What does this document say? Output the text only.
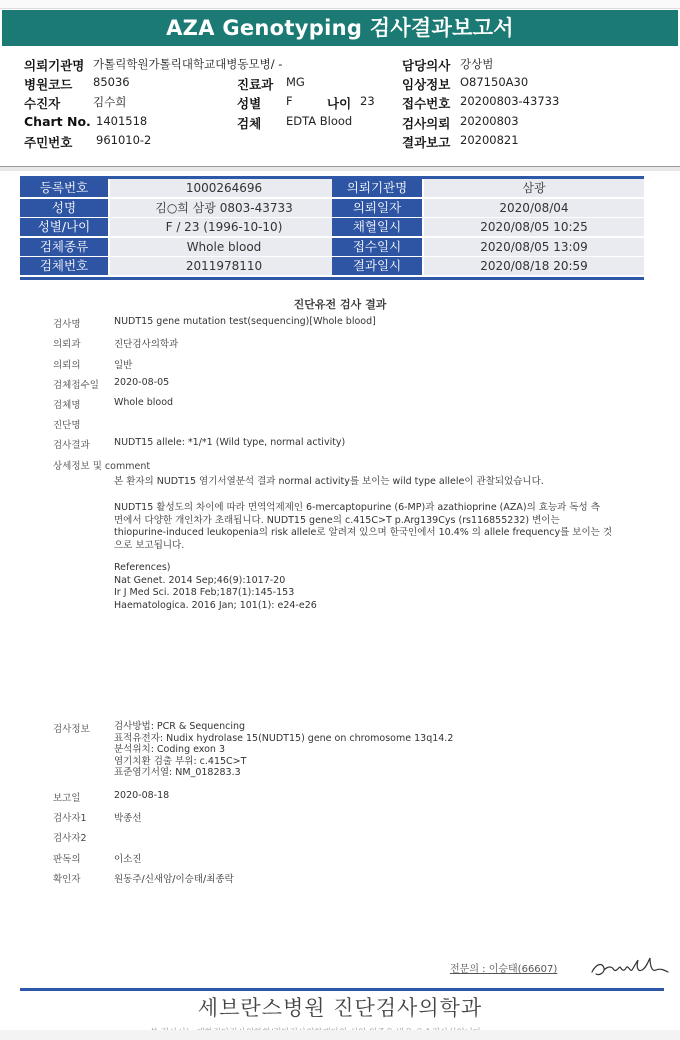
AZA Genotyping 검사결과보고서
의뢰기관명 가톨릭학원가톨릭대학교대병동모병/ -	담당의사 강상범
병원코드 85036	진료과 MG	임상정보 O87150A30
수진자	김수희	성별 F	나이 23 접수번호 20200803-43733
Chart No. 1401518	검체 EDTA Blood	검사의뢰 20200803
주민번호 961010-2	결과보고 20200821
등록번호	1000264696	의뢰기관명	삼광
성명	김○희 삼광 0803-43733	의뢰일자	2020/08/04
성별/나이	F / 23 (1996-10-10)	채혈일시	2020/08/05 10:25
검체종류	Whole blood	접수일시	2020/08/05 13:09
검체번호	2011978110	결과일시	2020/08/18 20:59
진단유전 검사 결과
검사명	NUDT15 gene mutation test(sequencing)[Whole blood]
의뢰과	진단검사의학과
의뢰의	일반
검체접수일 2020-08-05
검체명	Whole blood
진단명
검사결과	NUDT15 allele: *1/*1 (Wild type, normal activity)
상세정보 및 comment
본 환자의 NUDT15 염기서열분석 결과 normal activity를 보이는 wild type allele이 관찰되었습니다.
NUDT15 활성도의 차이에 따라 면역억제제인 6-mercaptopurine (6-MP)과 azathioprine (AZA)의 효능과 독성 측
면에서 다양한 개인차가 초래됩니다. NUDT15 gene의 c.415C>T p.Arg139Cys (rs116855232) 변이는
thiopurine-induced leukopenia의 risk allele로 알려져 있으며 한국인에서 10.4% 의 allele frequency를 보이는 것
으로 보고됩니다.
References)
Nat Genet. 2014 Sep;46(9):1017-20
Ir J Med Sci. 2018 Feb;187(1):145-153
Haematologica. 2016 Jan; 101(1): e24-e26
검사정보	검사방법: PCR & Sequencing
표적유전자: Nudix hydrolase 15(NUDT15) gene on chromosome 13q14.2
분석위치: Coding exon 3
염기치환 검출 부위: c.415C>T
표준염기서열: NM_018283.3
보고일	2020-08-18
검사자1	박종선
검사자2
판독의	이소진
확인자	원동주/신새암/이승태/최종락
전문의 : 이승태(66607)
세브란스병원 진단검사의학과
